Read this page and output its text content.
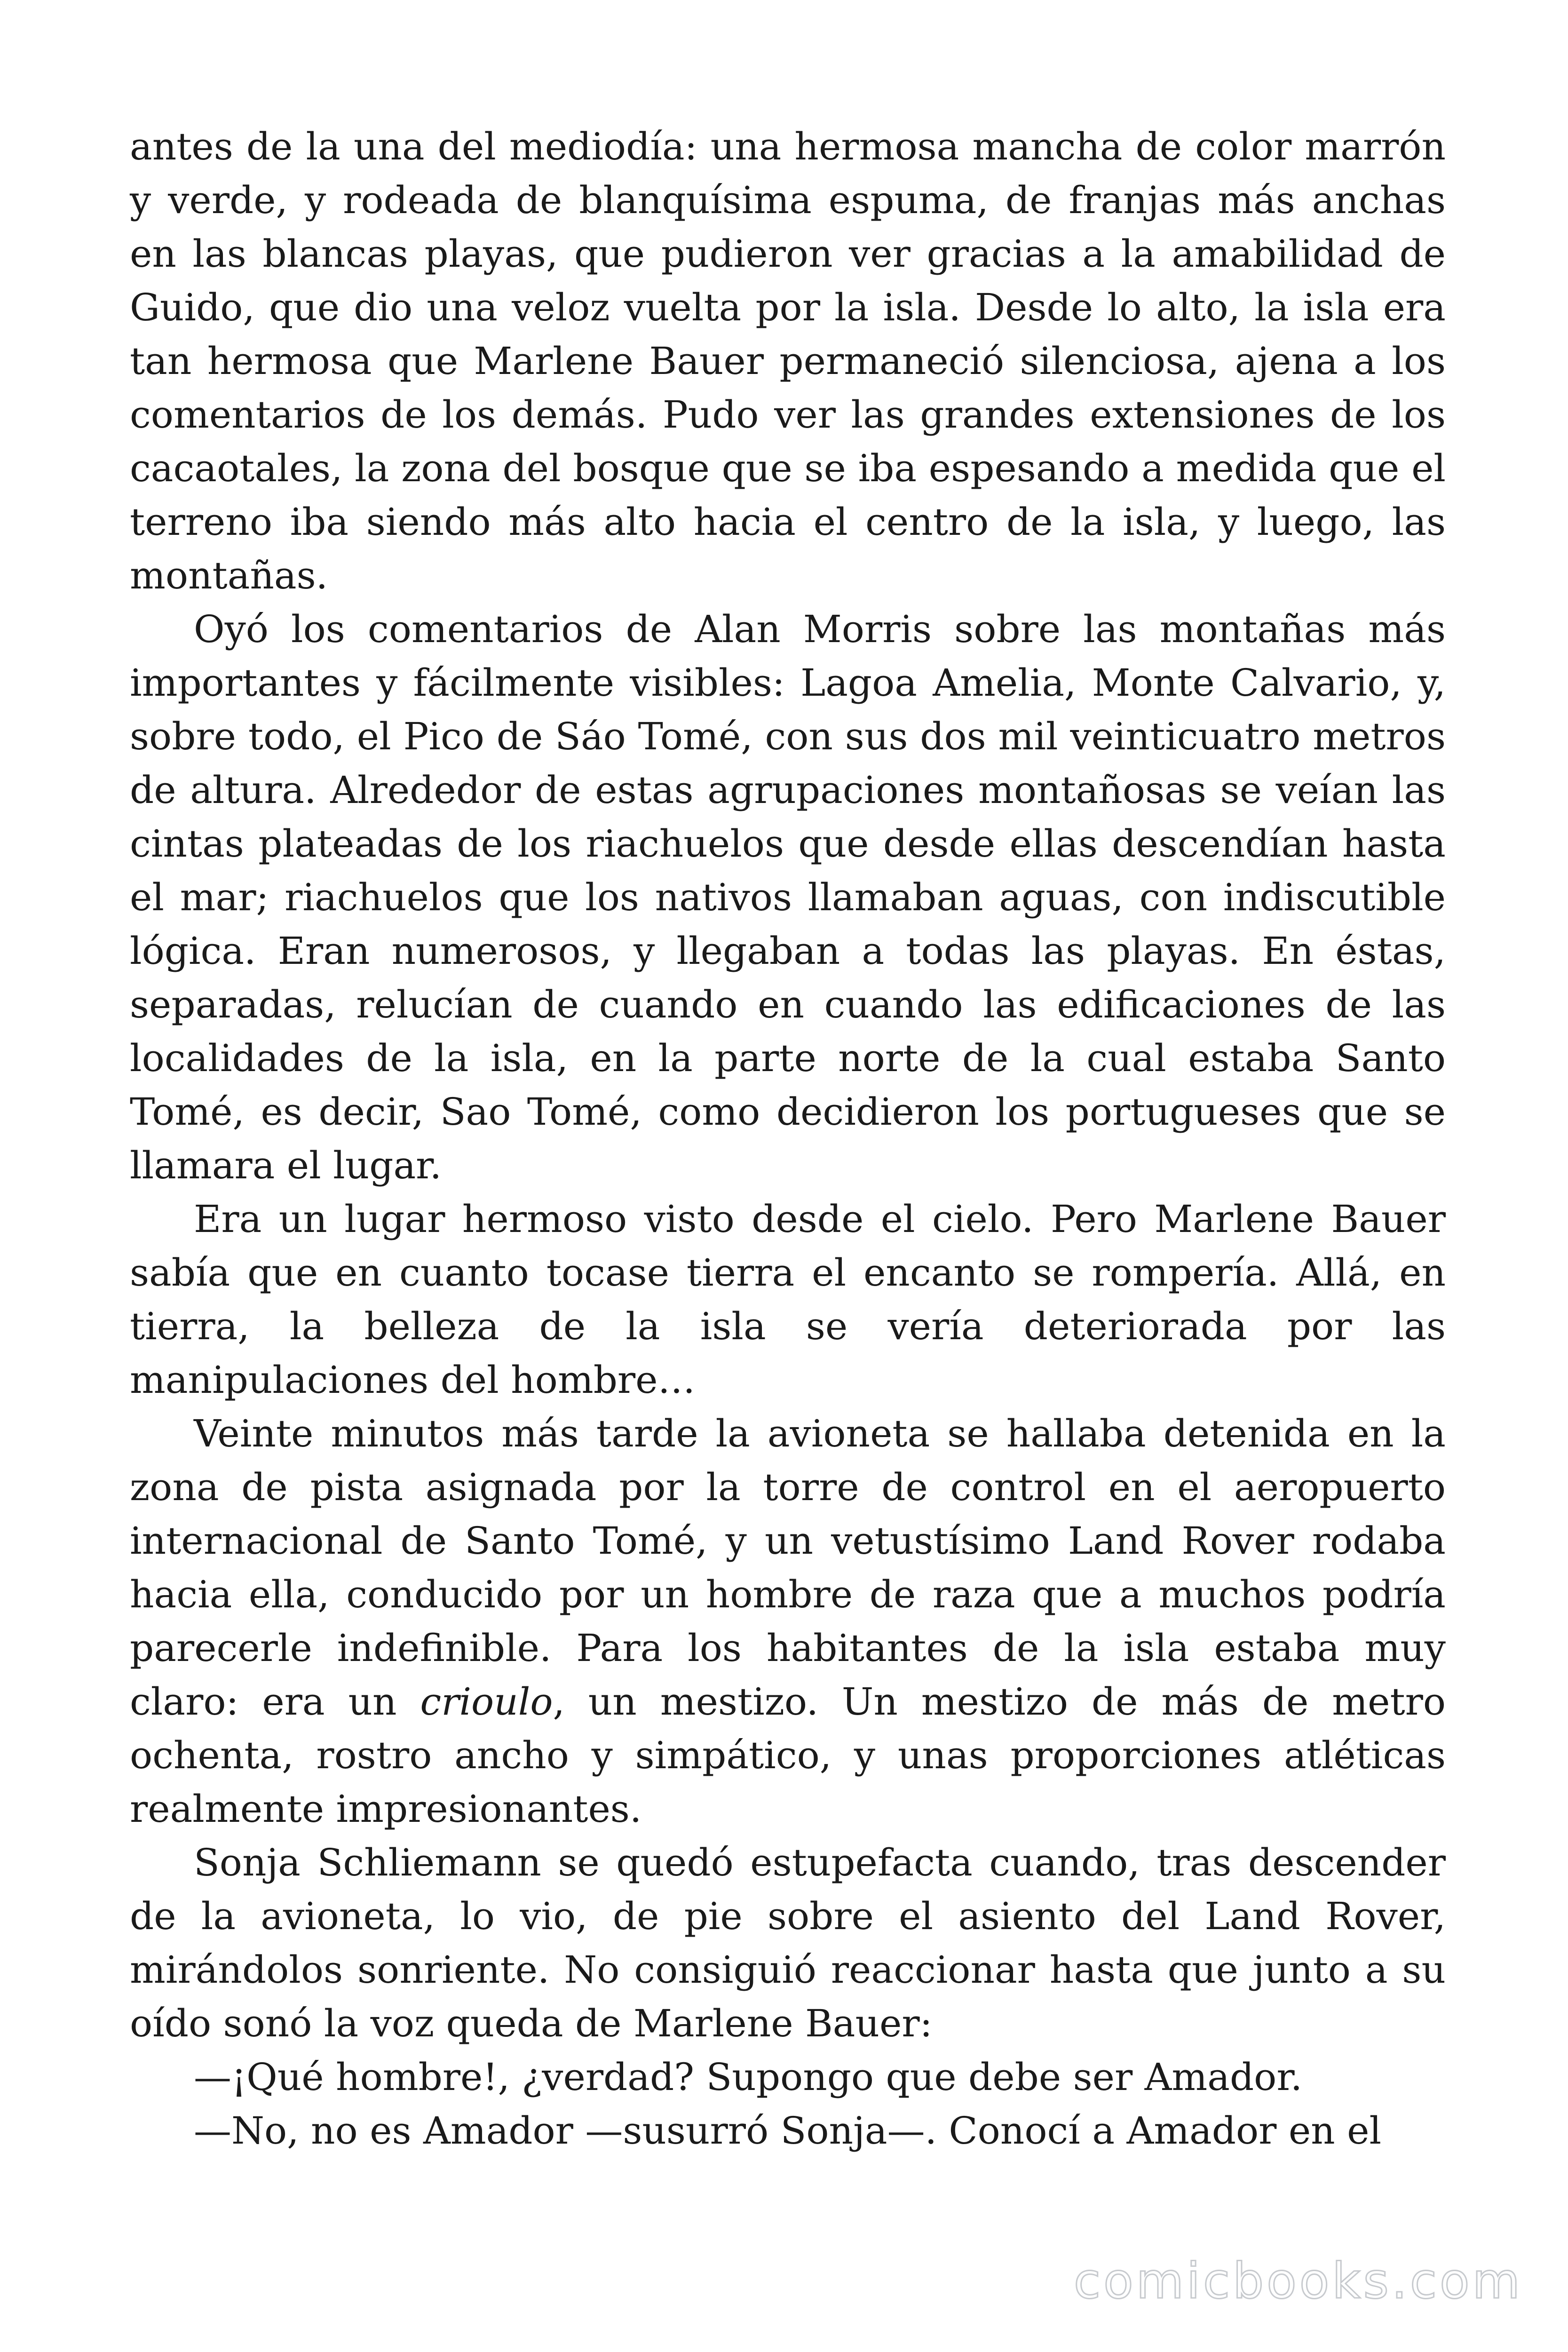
antes de la una del mediodía: una hermosa mancha de color marrón y verde, y rodeada de blanquísima espuma, de franjas más anchas en las blancas playas, que pudieron ver gracias a la amabilidad de Guido, que dio una veloz vuelta por la isla. Desde lo alto, la isla era tan hermosa que Marlene Bauer permaneció silenciosa, ajena a los comentarios de los demás. Pudo ver las grandes extensiones de los cacaotales, la zona del bosque que se iba espesando a medida que el terreno iba siendo más alto hacia el centro de la isla, y luego, las montañas.

Oyó los comentarios de Alan Morris sobre las montañas más importantes y fácilmente visibles: Lagoa Amelia, Monte Calvario, y, sobre todo, el Pico de Sáo Tomé, con sus dos mil veinticuatro metros de altura. Alrededor de estas agrupaciones montañosas se veían las cintas plateadas de los riachuelos que desde ellas descendían hasta el mar; riachuelos que los nativos llamaban aguas, con indiscutible lógica. Eran numerosos, y llegaban a todas las playas. En éstas, separadas, relucían de cuando en cuando las edificaciones de las localidades de la isla, en la parte norte de la cual estaba Santo Tomé, es decir, Sao Tomé, como decidieron los portugueses que se llamara el lugar.

Era un lugar hermoso visto desde el cielo. Pero Marlene Bauer sabía que en cuanto tocase tierra el encanto se rompería. Allá, en tierra, la belleza de la isla se vería deteriorada por las manipulaciones del hombre…

Veinte minutos más tarde la avioneta se hallaba detenida en la zona de pista asignada por la torre de control en el aeropuerto internacional de Santo Tomé, y un vetustísimo Land Rover rodaba hacia ella, conducido por un hombre de raza que a muchos podría parecerle indefinible. Para los habitantes de la isla estaba muy claro: era un crioulo, un mestizo. Un mestizo de más de metro ochenta, rostro ancho y simpático, y unas proporciones atléticas realmente impresionantes.

Sonja Schliemann se quedó estupefacta cuando, tras descender de la avioneta, lo vio, de pie sobre el asiento del Land Rover, mirándolos sonriente. No consiguió reaccionar hasta que junto a su oído sonó la voz queda de Marlene Bauer:

—¡Qué hombre!, ¿verdad? Supongo que debe ser Amador.

—No, no es Amador —susurró Sonja—. Conocí a Amador en el

comicbooks.com
